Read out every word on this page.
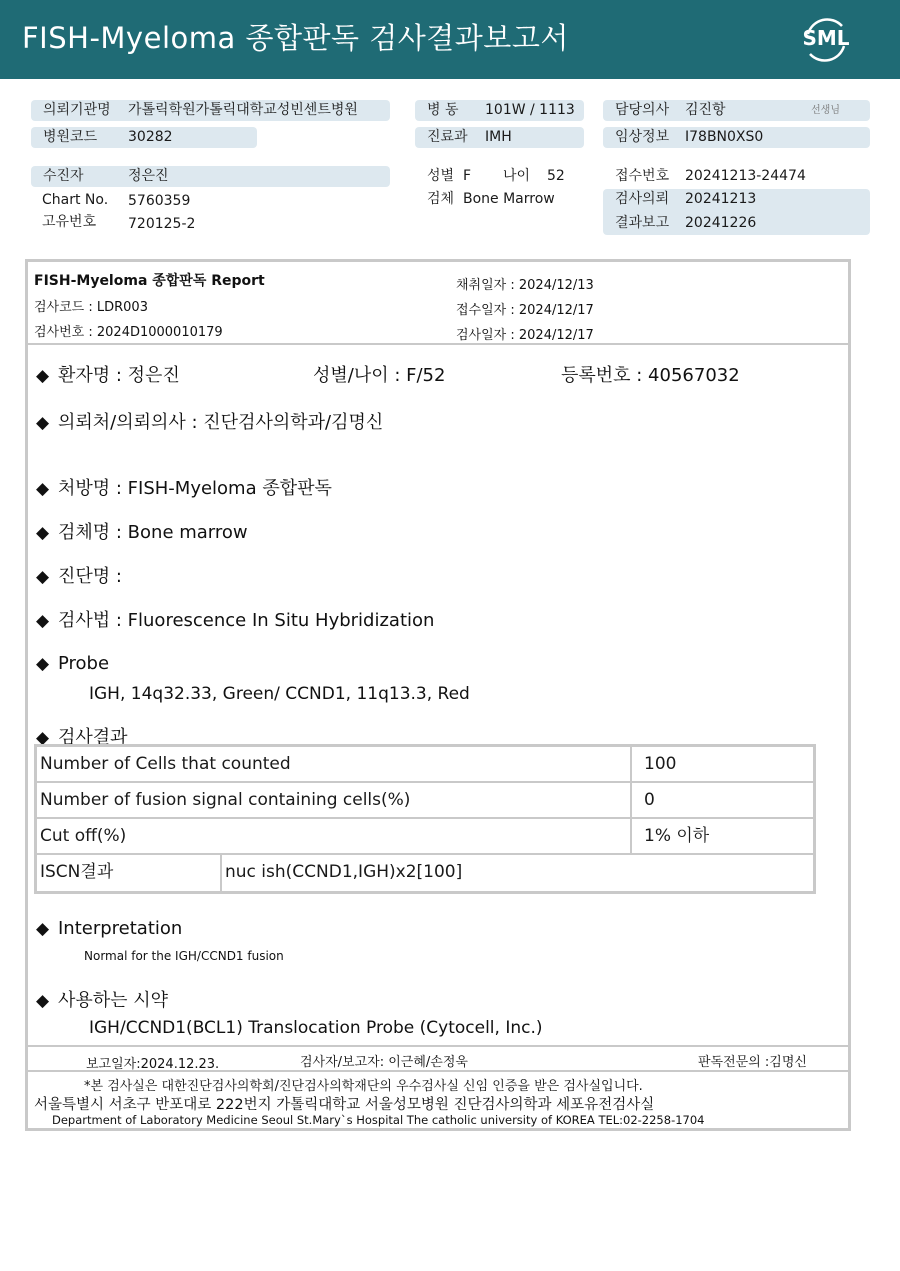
FISH-Myeloma 종합판독 검사결과보고서	SML
의뢰기관명 가톨릭학원가톨릭대학교성빈센트병원
병원코드 30282
수진자	정은진
Chart No. 5760359
고유번호 720125-2
병 동 101W / 1113
진료과 IMH
성별 F 나이 52
검체 Bone Marrow
담당의사 김진항	선생님
임상정보 I78BN0XS0
접수번호 20241213-24474
검사의뢰 20241213
결과보고 20241226
FISH-Myeloma 종합판독 Report
검사코드 : LDR003
검사번호 : 2024D1000010179
채취일자 : 2024/12/13
접수일자 : 2024/12/17
검사일자 : 2024/12/17
◆ 환자명 : 정은진	성별/나이 : F/52	등록번호 : 40567032
◆ 의뢰처/의뢰의사 : 진단검사의학과/김명신
◆ 처방명 : FISH-Myeloma 종합판독
◆ 검체명 : Bone marrow
◆ 진단명 :
◆ 검사법 : Fluorescence In Situ Hybridization
◆ Probe
IGH, 14q32.33, Green/ CCND1, 11q13.3, Red
◆ 검사결과
Number of Cells that counted	100
Number of fusion signal containing cells(%)	0
Cut off(%)	1% 이하
ISCN결과	nuc ish(CCND1,IGH)x2[100]
◆ Interpretation
Normal for the IGH/CCND1 fusion
◆ 사용하는 시약
IGH/CCND1(BCL1) Translocation Probe (Cytocell, Inc.)
보고일자:2024.12.23.	검사자/보고자: 이근혜/손정욱	판독전문의 :김명신
*본 검사실은 대한진단검사의학회/진단검사의학재단의 우수검사실 신임 인증을 받은 검사실입니다.
서울특별시 서초구 반포대로 222번지 가톨릭대학교 서울성모병원 진단검사의학과 세포유전검사실
Department of Laboratory Medicine Seoul St.Mary`s Hospital The catholic university of KOREA TEL:02-2258-1704
